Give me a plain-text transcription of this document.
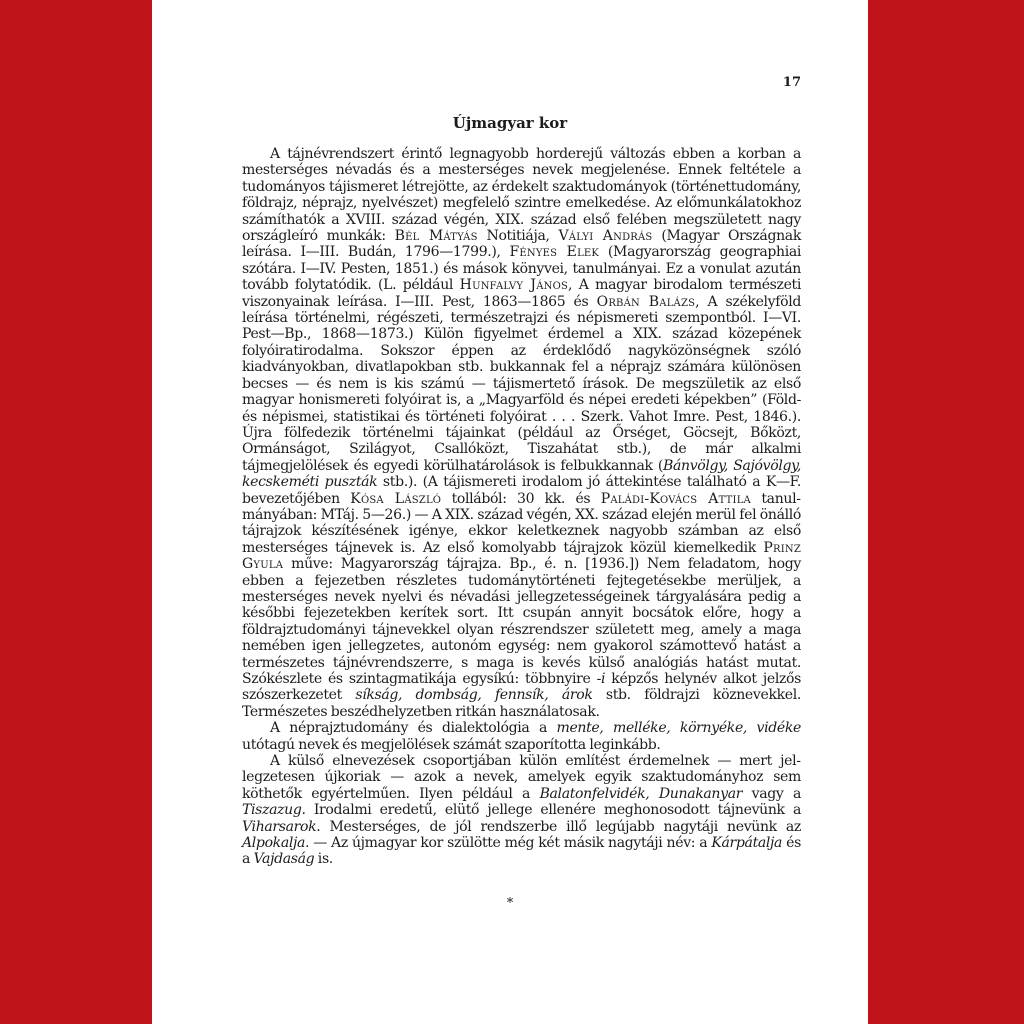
17
Újmagyar kor

A tájnévrendszert érintő legnagyobb horderejű változás ebben a korban a mesterséges névadás és a mesterséges nevek megjelenése. Ennek feltétele a tudományos tájismeret létrejötte, az érdekelt szaktudományok (történettudomány, földrajz, néprajz, nyelvészet) megfelelő szintre emelkedése. Az előmunkálatokhoz számíthatók a XVIII. század végén, XIX. század első felében megszületett nagy országleíró munkák: Bél Mátyás Notitiája, Vályi András (Magyar Országnak leírása. I—III. Budán, 1796—1799.), Fényes Elek (Magyarország geographiai szótára. I—IV. Pesten, 1851.) és mások könyvei, tanulmányai. Ez a vonulat azután tovább folytatódik. (L. például Hunfalvy János, A magyar birodalom természeti viszonyainak leírása. I—III. Pest, 1863—1865 és Orbán Balázs, A székelyföld leírása történelmi, régészeti, természetrajzi és népismereti szempontból. I—VI. Pest—Bp., 1868—1873.) Külön figyelmet érdemel a XIX. század közepének folyóiratirodalma. Sokszor éppen az érdeklődő nagyközönségnek szóló kiadványokban, divatlapokban stb. bukkannak fel a néprajz számára különösen becses — és nem is kis számú — tájismertető írások. De megszületik az első magyar honismereti folyóirat is, a „Magyarföld és népei eredeti képekben” (Föld- és népismei, statistikai és történeti folyóirat . . . Szerk. Vahot Imre. Pest, 1846.). Újra fölfedezik történelmi tájainkat (például az Őrséget, Göcsejt, Bőközt, Ormánságot, Szilágyot, Csallóközt, Tiszahátat stb.), de már alkalmi tájmegjelölések és egyedi körülhatárolások is felbukkannak (Bánvölgy, Sajóvölgy, kecskeméti puszták stb.). (A tájismereti irodalom jó áttekintése található a K—F. bevezetőjében Kósa László tollából: 30 kk. és Paládi-Kovács Attila tanulmányában: MTáj. 5—26.) — A XIX. század végén, XX. század elején merül fel önálló tájrajzok készítésének igénye, ekkor keletkeznek nagyobb számban az első mesterséges tájnevek is. Az első komolyabb tájrajzok közül kiemelkedik Prinz Gyula műve: Magyarország tájrajza. Bp., é. n. [1936.]) Nem feladatom, hogy ebben a fejezetben részletes tudománytörténeti fejtegetésekbe merüljek, a mesterséges nevek nyelvi és névadási jellegzetességeinek tárgyalására pedig a későbbi fejezetekben kerítek sort. Itt csupán annyit bocsátok előre, hogy a földrajztudományi tájnevekkel olyan részrendszer született meg, amely a maga nemében igen jellegzetes, autonóm egység: nem gyakorol számottevő hatást a természetes tájnévrendszerre, s maga is kevés külső analógiás hatást mutat. Szókészlete és szintagmatikája egysíkú: többnyire -i képzős helynév alkot jelzős szószerkezetet síkság, dombság, fennsík, árok stb. földrajzi köznevekkel. Természetes beszédhelyzetben ritkán használatosak.

A néprajztudomány és dialektológia a mente, melléke, környéke, vidéke utótagú nevek és megjelölések számát szaporította leginkább.

A külső elnevezések csoportjában külön említést érdemelnek — mert jellegzetesen újkoriak — azok a nevek, amelyek egyik szaktudományhoz sem köthetők egyértelműen. Ilyen például a Balatonfelvidék, Dunakanyar vagy a Tiszazug. Irodalmi eredetű, elütő jellege ellenére meghonosodott tájnevünk a Viharsarok. Mesterséges, de jól rendszerbe illő legújabb nagytáji nevünk az Alpokalja. — Az újmagyar kor szülötte még két másik nagytáji név: a Kárpátalja és a Vajdaság is.

*
